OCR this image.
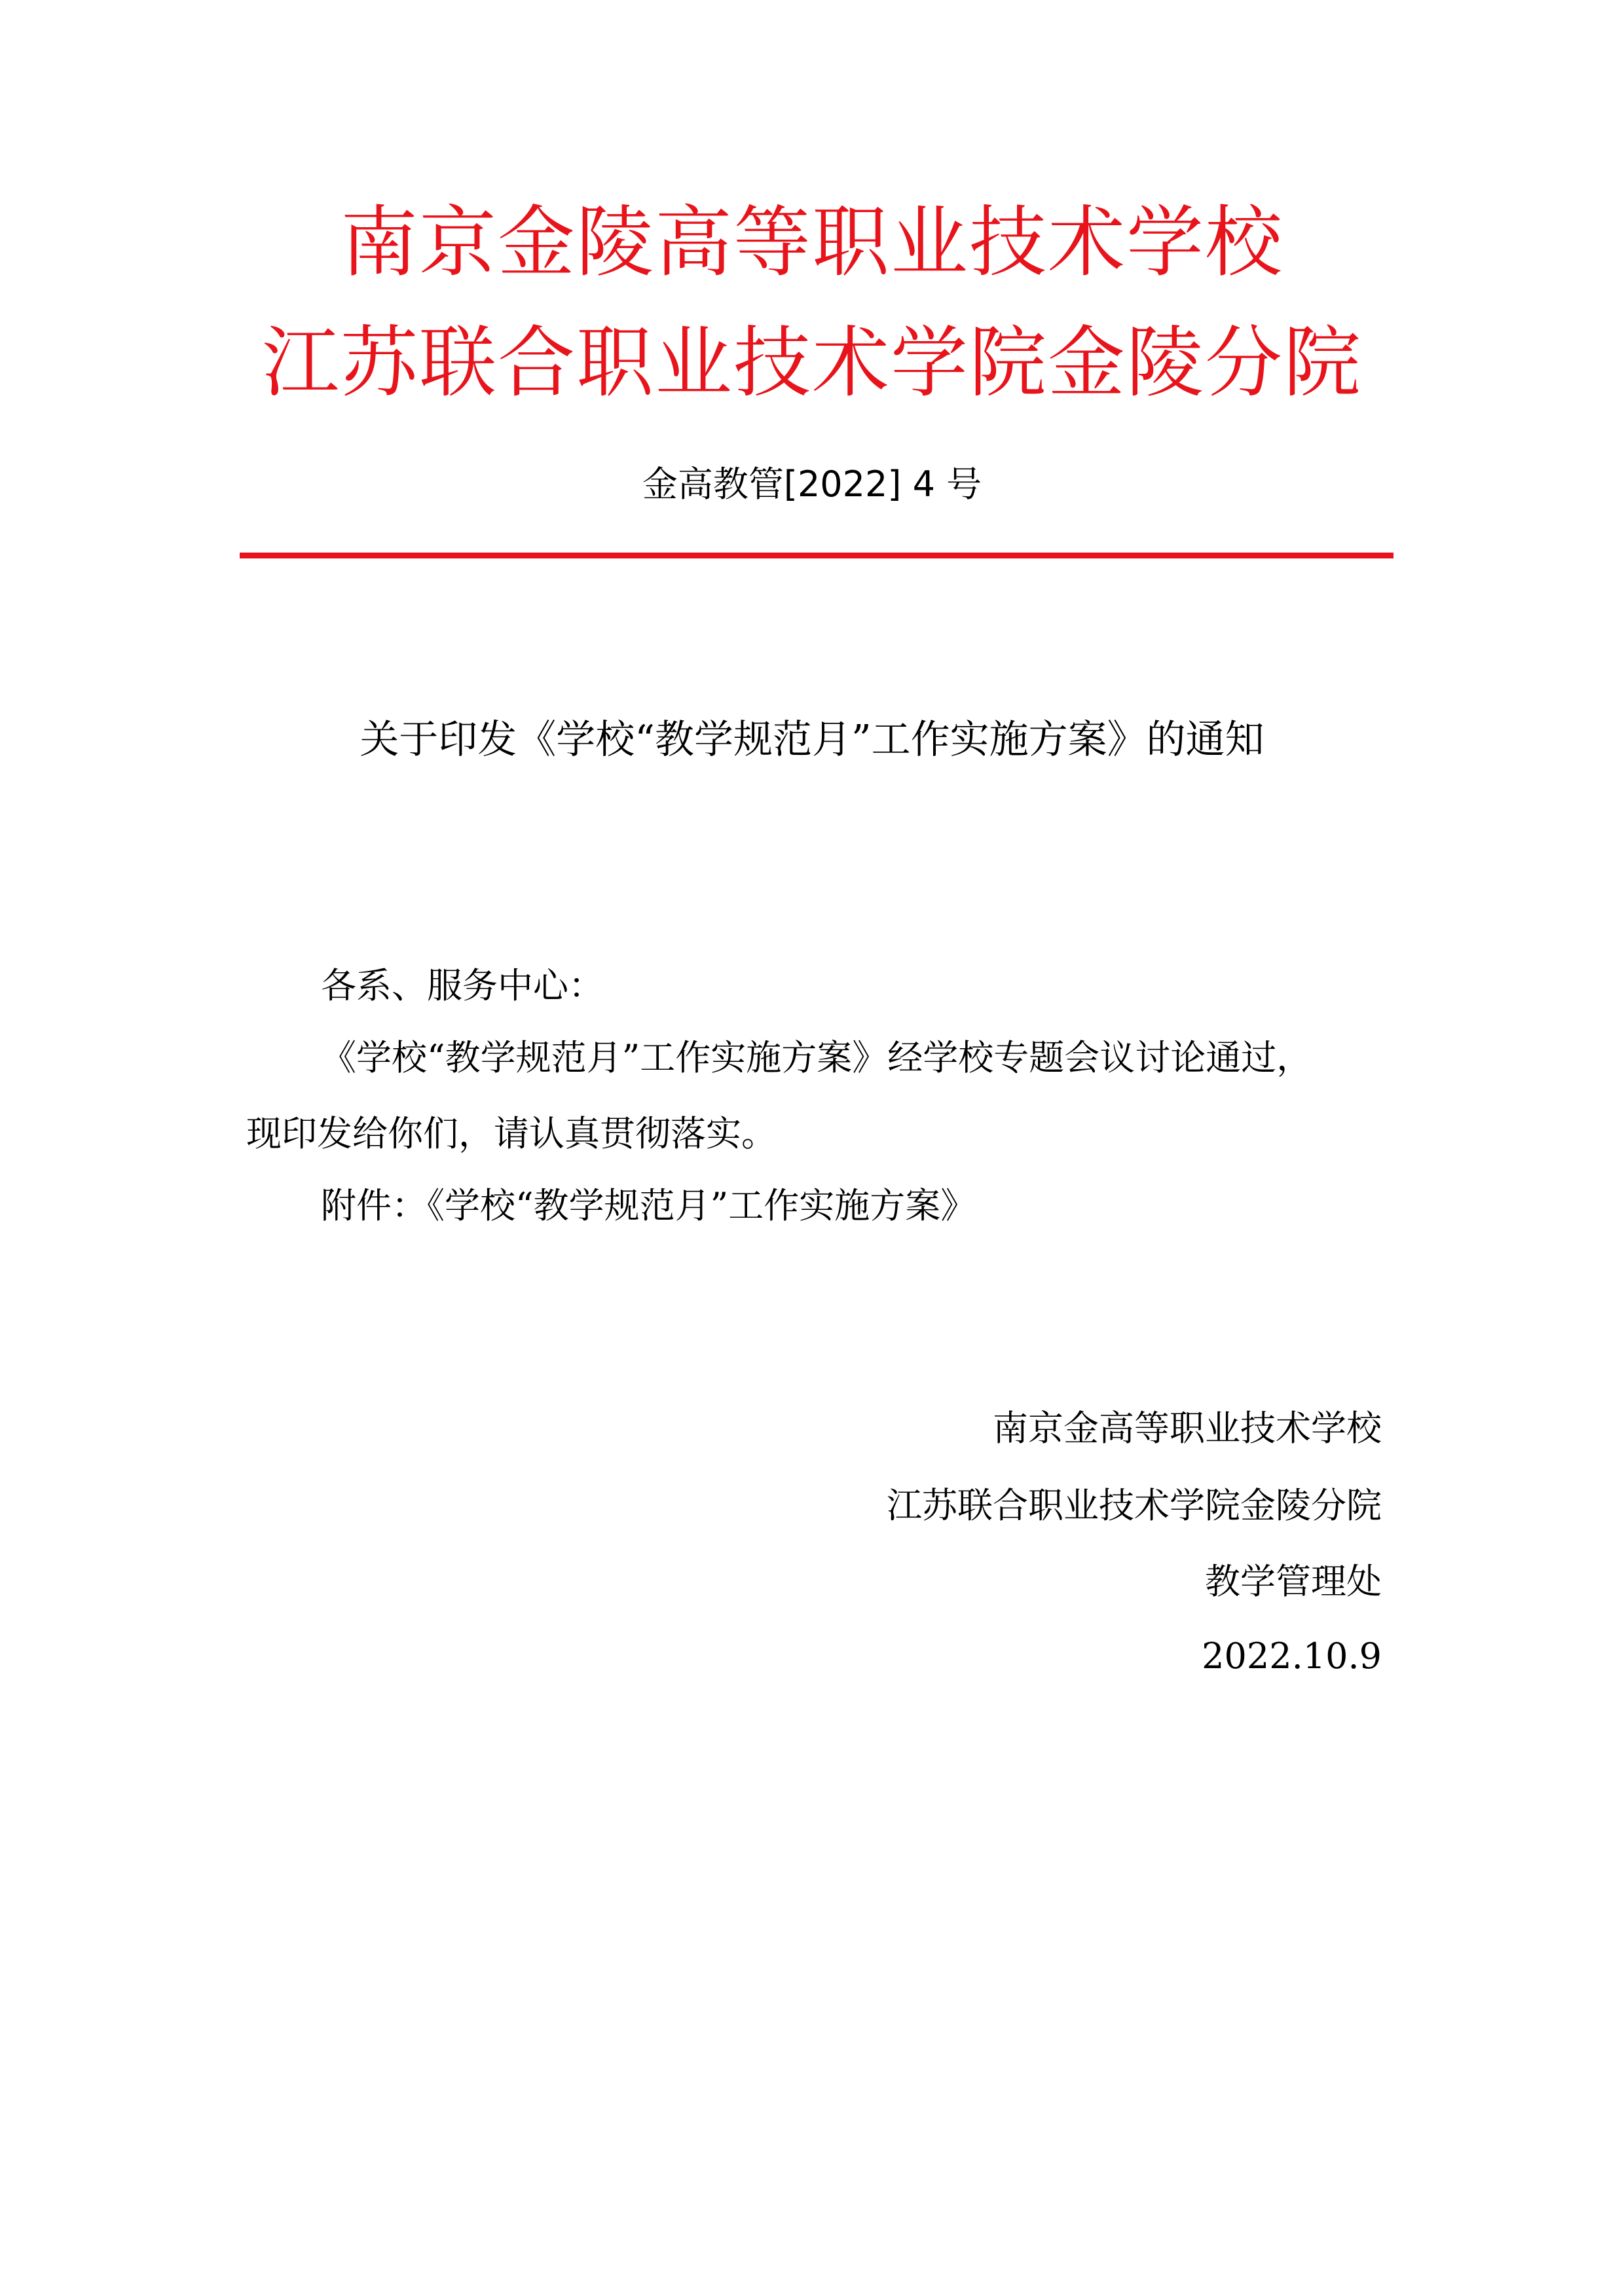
南京金陵高等职业技术学校
江苏联合职业技术学院金陵分院
金高教管[2022] 4 号
关于印发《学校“教学规范月”工作实施方案》的通知
各系、服务中心：
《学校“教学规范月”工作实施方案》经学校专题会议讨论通过，
现印发给你们，请认真贯彻落实。
附件：《学校“教学规范月”工作实施方案》
南京金高等职业技术学校
江苏联合职业技术学院金陵分院
教学管理处
2022.10.9
